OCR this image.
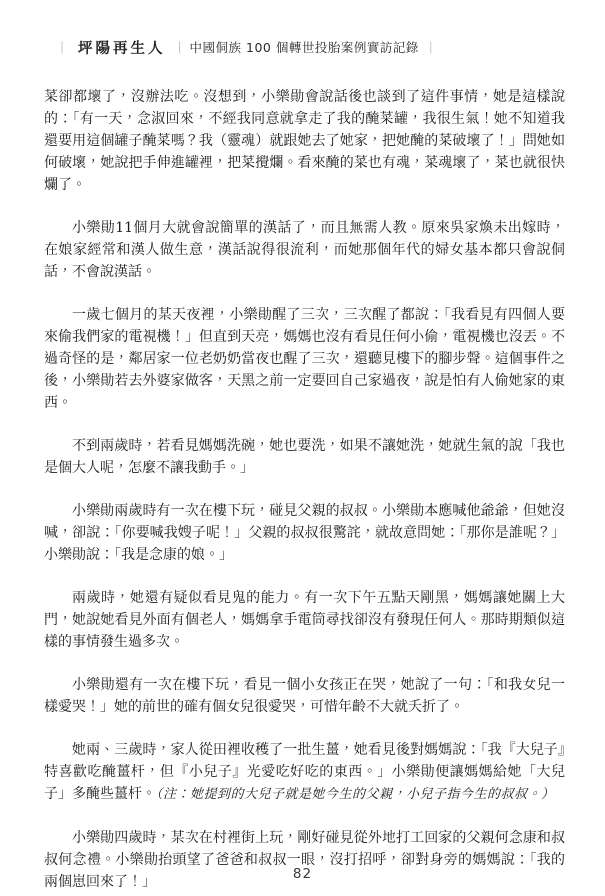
｜ 坪陽再生人 ｜ 中國侗族 100 個轉世投胎案例實訪記錄 ｜

菜卻都壞了，沒辦法吃。沒想到，小樂勛會說話後也談到了這件事情，她是這樣說的：「有一天，念淑回來，不經我同意就拿走了我的醃菜罐，我很生氣！她不知道我還要用這個罐子醃菜嗎？我（靈魂）就跟她去了她家，把她醃的菜破壞了！」問她如何破壞，她說把手伸進罐裡，把菜攪爛。看來醃的菜也有魂，菜魂壞了，菜也就很快爛了。

小樂勛11個月大就會說簡單的漢話了，而且無需人教。原來吳家煥未出嫁時，在娘家經常和漢人做生意，漢話說得很流利，而她那個年代的婦女基本都只會說侗話，不會說漢話。

一歲七個月的某天夜裡，小樂勛醒了三次，三次醒了都說：「我看見有四個人要來偷我們家的電視機！」但直到天亮，媽媽也沒有看見任何小偷，電視機也沒丟。不過奇怪的是，鄰居家一位老奶奶當夜也醒了三次，還聽見樓下的腳步聲。這個事件之後，小樂勛若去外婆家做客，天黑之前一定要回自己家過夜，說是怕有人偷她家的東西。

不到兩歲時，若看見媽媽洗碗，她也要洗，如果不讓她洗，她就生氣的說「我也是個大人呢，怎麼不讓我動手。」

小樂勛兩歲時有一次在樓下玩，碰見父親的叔叔。小樂勛本應喊他爺爺，但她沒喊，卻說：「你要喊我嫂子呢！」父親的叔叔很驚詫，就故意問她：「那你是誰呢？」小樂勛說：「我是念康的娘。」

兩歲時，她還有疑似看見鬼的能力。有一次下午五點天剛黑，媽媽讓她關上大門，她說她看見外面有個老人，媽媽拿手電筒尋找卻沒有發現任何人。那時期類似這樣的事情發生過多次。

小樂勛還有一次在樓下玩，看見一個小女孩正在哭，她說了一句：「和我女兒一樣愛哭！」她的前世的確有個女兒很愛哭，可惜年齡不大就夭折了。

她兩、三歲時，家人從田裡收穫了一批生薑，她看見後對媽媽說：「我『大兒子』特喜歡吃醃薑杆，但『小兒子』光愛吃好吃的東西。」小樂勛便讓媽媽給她「大兒子」多醃些薑杆。（注：她提到的大兒子就是她今生的父親，小兒子指今生的叔叔。）

小樂勛四歲時，某次在村裡街上玩，剛好碰見從外地打工回家的父親何念康和叔叔何念禮。小樂勛抬頭望了爸爸和叔叔一眼，沒打招呼，卻對身旁的媽媽說：「我的兩個崽回來了！」	82
